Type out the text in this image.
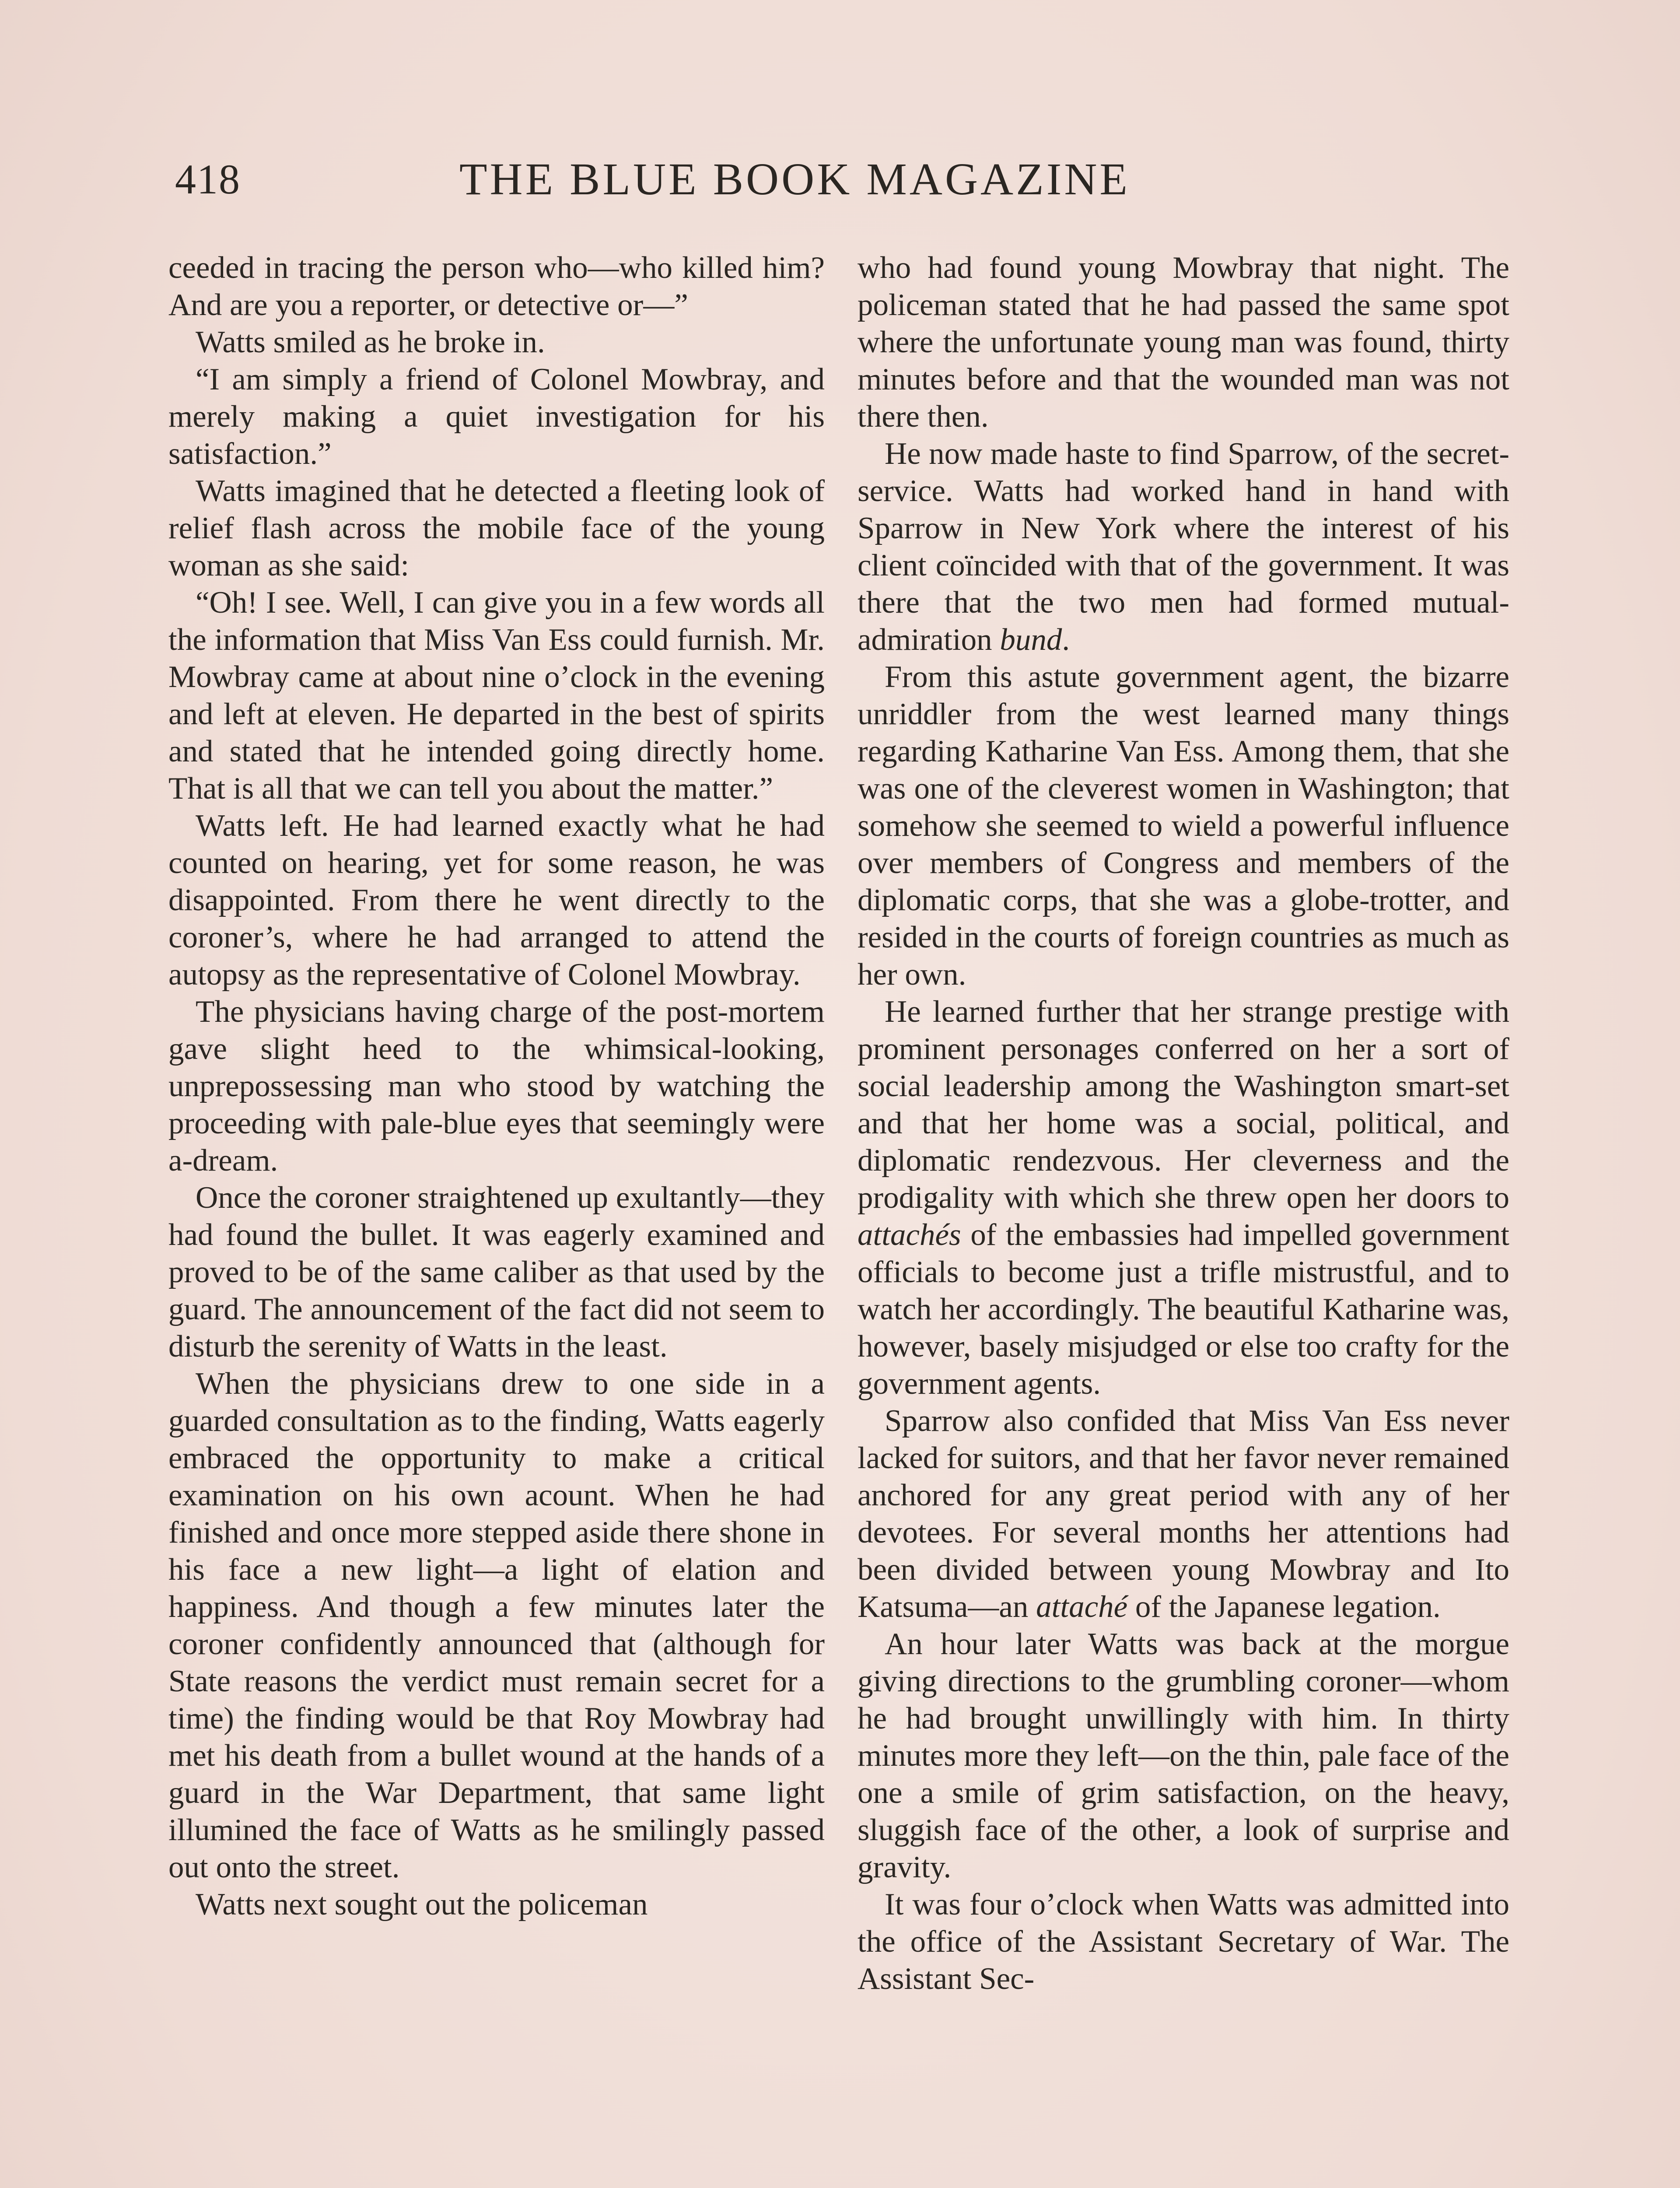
418	THE BLUE BOOK MAGAZINE

ceeded in tracing the person who—who killed him? And are you a reporter, or detective or—”

Watts smiled as he broke in.

“I am simply a friend of Colonel Mowbray, and merely making a quiet investigation for his satisfaction.”

Watts imagined that he detected a fleeting look of relief flash across the mobile face of the young woman as she said:

“Oh! I see. Well, I can give you in a few words all the information that Miss Van Ess could furnish. Mr. Mowbray came at about nine o’clock in the evening and left at eleven. He departed in the best of spirits and stated that he intended going directly home. That is all that we can tell you about the matter.”

Watts left. He had learned exactly what he had counted on hearing, yet for some reason, he was disappointed. From there he went directly to the coroner’s, where he had arranged to attend the autopsy as the representative of Colonel Mowbray.

The physicians having charge of the post-mortem gave slight heed to the whimsical-looking, unprepossessing man who stood by watching the proceeding with pale-blue eyes that seemingly were a-dream.

Once the coroner straightened up exultantly—they had found the bullet. It was eagerly examined and proved to be of the same caliber as that used by the guard. The announcement of the fact did not seem to disturb the serenity of Watts in the least.

When the physicians drew to one side in a guarded consultation as to the finding, Watts eagerly embraced the opportunity to make a critical examination on his own acount. When he had finished and once more stepped aside there shone in his face a new light—a light of elation and happiness. And though a few minutes later the coroner confidently announced that (although for State reasons the verdict must remain secret for a time) the finding would be that Roy Mowbray had met his death from a bullet wound at the hands of a guard in the War Department, that same light illumined the face of Watts as he smilingly passed out onto the street.

Watts next sought out the policeman

who had found young Mowbray that night. The policeman stated that he had passed the same spot where the unfortunate young man was found, thirty minutes before and that the wounded man was not there then.

He now made haste to find Sparrow, of the secret-service. Watts had worked hand in hand with Sparrow in New York where the interest of his client coïncided with that of the government. It was there that the two men had formed mutual-admiration bund.

From this astute government agent, the bizarre unriddler from the west learned many things regarding Katharine Van Ess. Among them, that she was one of the cleverest women in Washington; that somehow she seemed to wield a powerful influence over members of Congress and members of the diplomatic corps, that she was a globe-trotter, and resided in the courts of foreign countries as much as her own.

He learned further that her strange prestige with prominent personages conferred on her a sort of social leadership among the Washington smart-set and that her home was a social, political, and diplomatic rendezvous. Her cleverness and the prodigality with which she threw open her doors to attachés of the embassies had impelled government officials to become just a trifle mistrustful, and to watch her accordingly. The beautiful Katharine was, however, basely misjudged or else too crafty for the government agents.

Sparrow also confided that Miss Van Ess never lacked for suitors, and that her favor never remained anchored for any great period with any of her devotees. For several months her attentions had been divided between young Mowbray and Ito Katsuma—an attaché of the Japanese legation.

An hour later Watts was back at the morgue giving directions to the grumbling coroner—whom he had brought unwillingly with him. In thirty minutes more they left—on the thin, pale face of the one a smile of grim satisfaction, on the heavy, sluggish face of the other, a look of surprise and gravity.

It was four o’clock when Watts was admitted into the office of the Assistant Secretary of War. The Assistant Sec-
